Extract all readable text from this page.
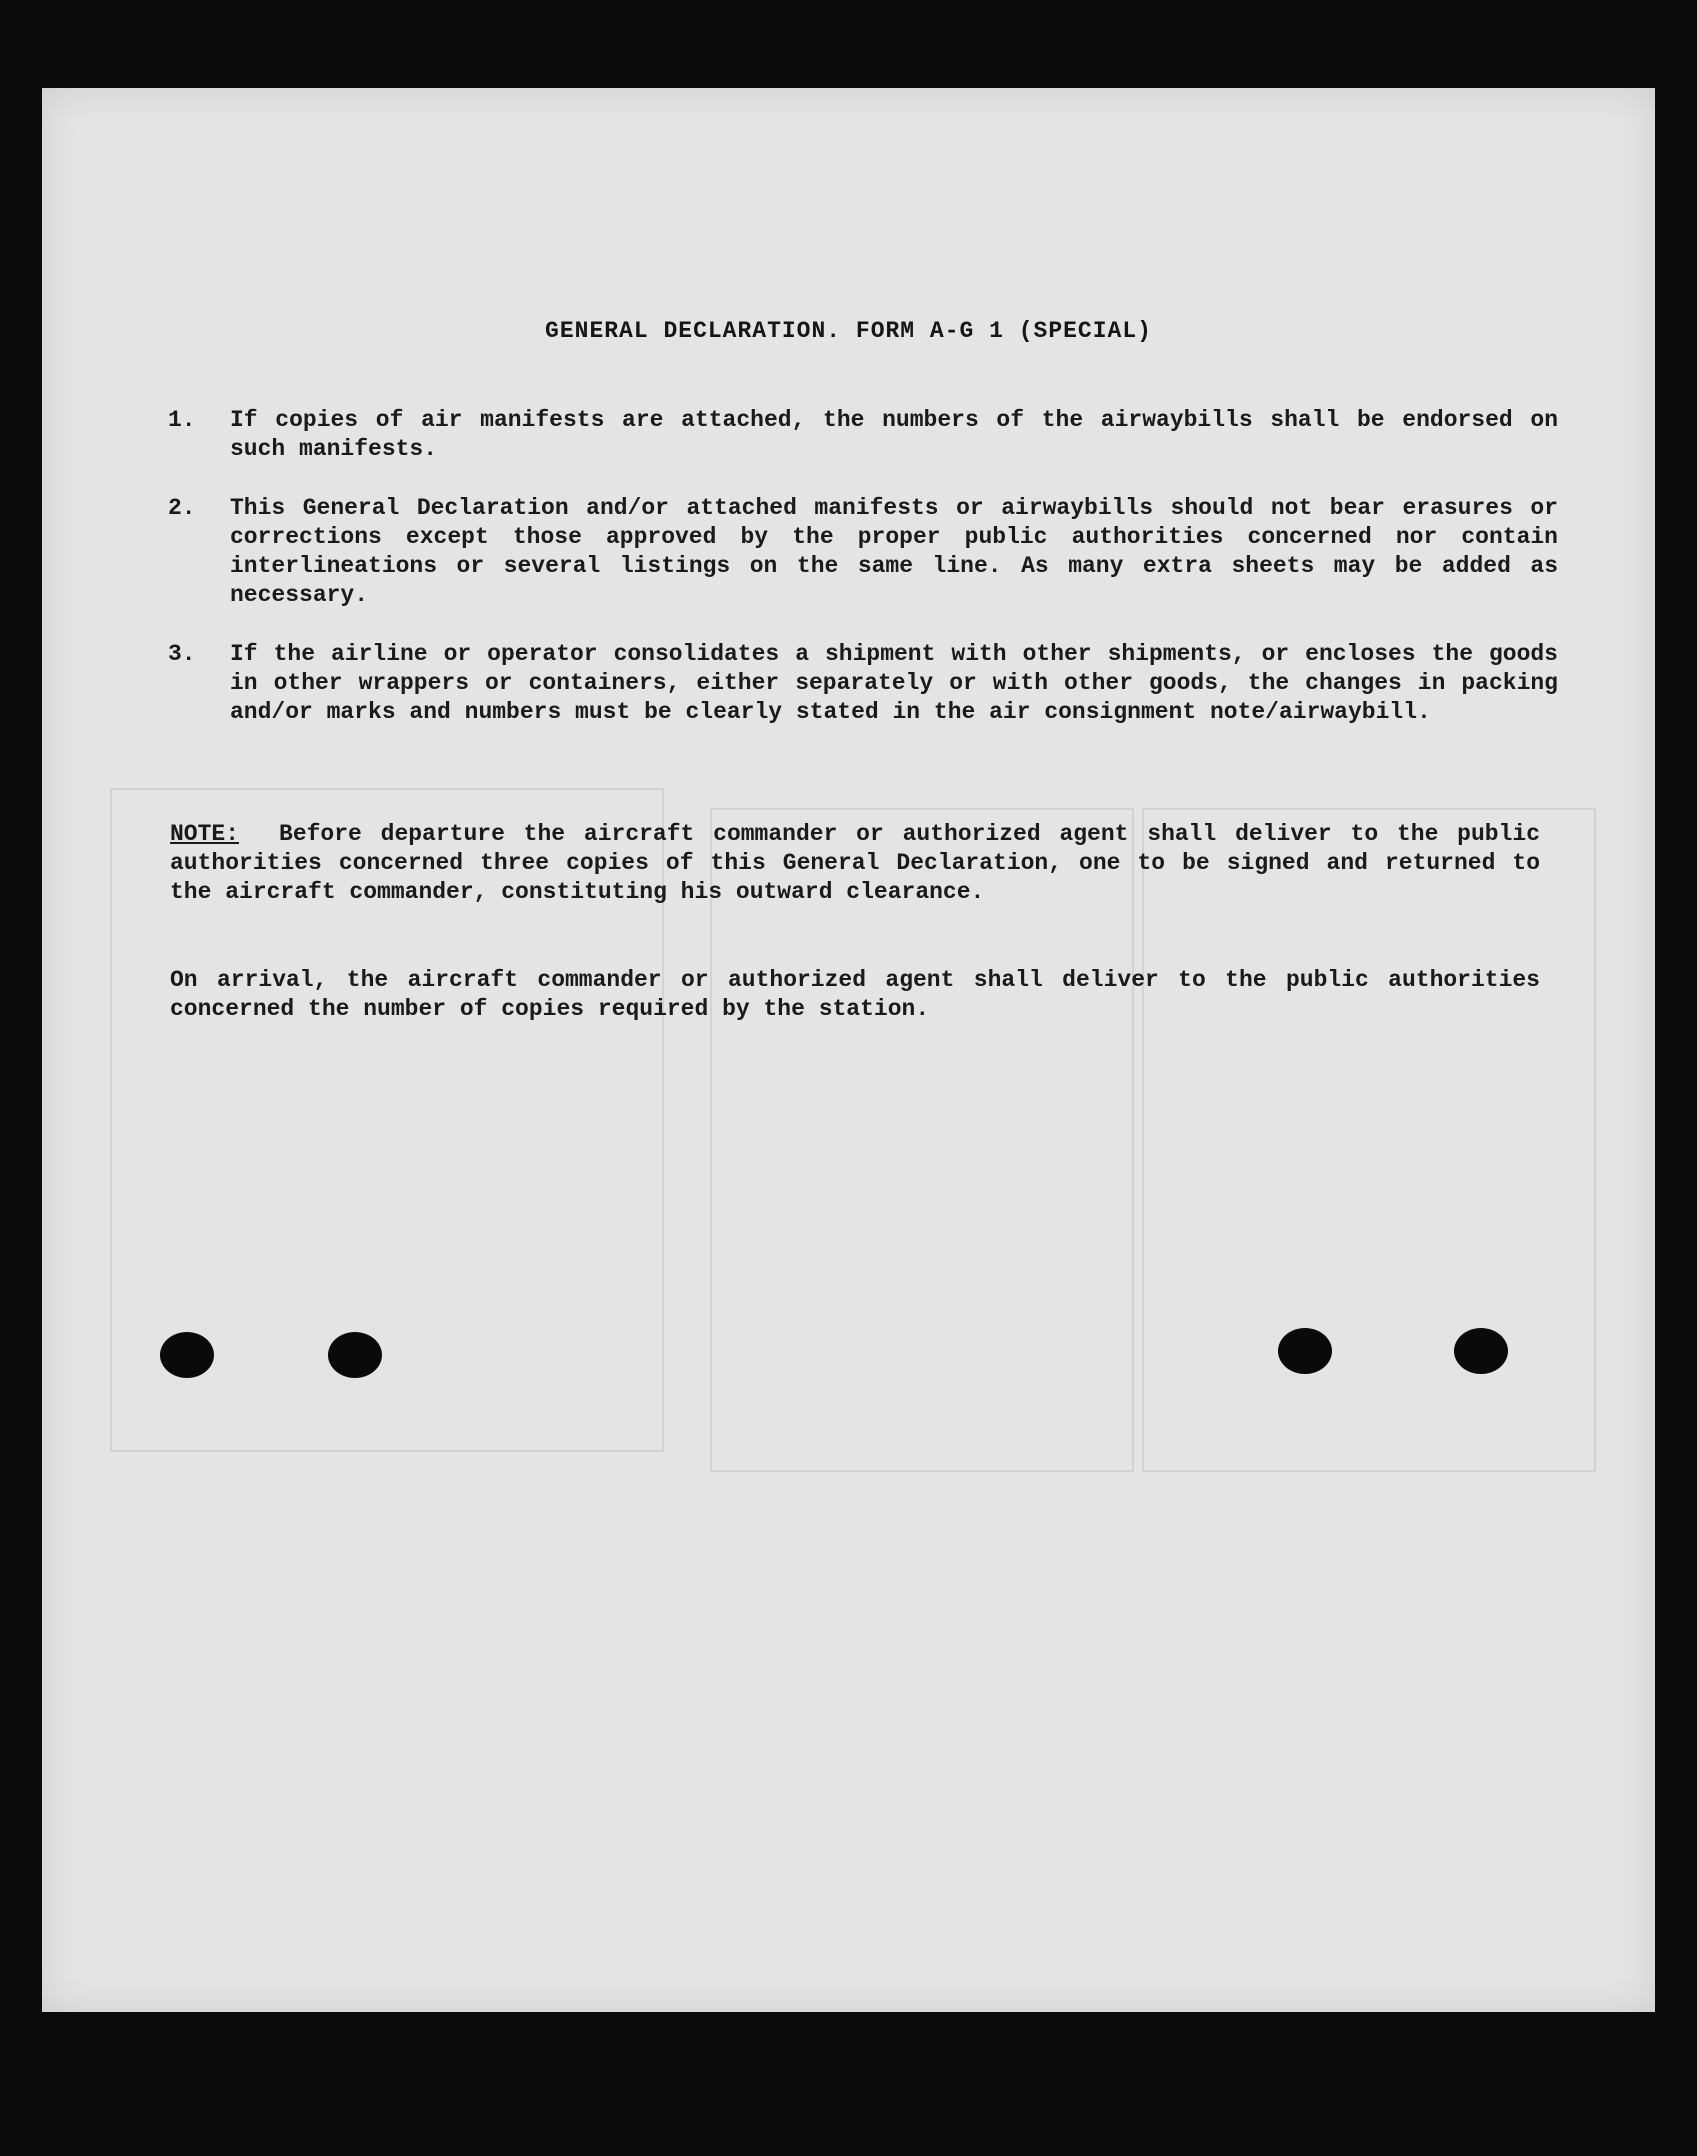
GENERAL DECLARATION. FORM A-G 1 (SPECIAL)
1.	If copies of air manifests are attached, the numbers of the airwaybills shall be endorsed on such manifests.
2.	This General Declaration and/or attached manifests or airwaybills should not bear erasures or corrections except those approved by the proper public authorities concerned nor contain interlineations or several listings on the same line. As many extra sheets may be added as necessary.
3.	If the airline or operator consolidates a shipment with other shipments, or encloses the goods in other wrappers or containers, either separately or with other goods, the changes in packing and/or marks and numbers must be clearly stated in the air consignment note/airwaybill.
NOTE: Before departure the aircraft commander or authorized agent shall deliver to the public authorities concerned three copies of this General Declaration, one to be signed and returned to the aircraft commander, constituting his outward clearance.
On arrival, the aircraft commander or authorized agent shall deliver to the public authorities concerned the number of copies required by the station.
